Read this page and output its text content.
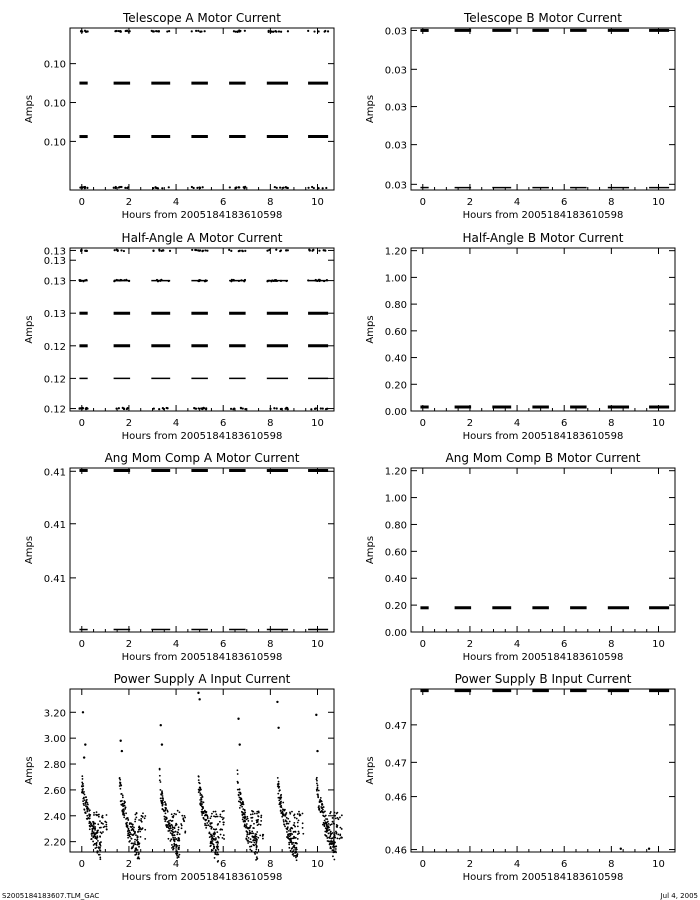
Telescope A Motor Current
Hours from 2005184183610598
Amps
0	2	4	6	8	10
0.10
0.10
0.10
Telescope B Motor Current
Hours from 2005184183610598
Amps
0	2	4	6	8	10
0.03
0.03
0.03
0.03
0.03
Half-Angle A Motor Current
Hours from 2005184183610598
Amps
0	2	4	6	8	10
0.12
0.12
0.12
0.13
0.13
0.13
0.13
Half-Angle B Motor Current
Hours from 2005184183610598
Amps
0	2	4	6	8	10
0.00
0.20
0.40
0.60
0.80
1.00
1.20
Ang Mom Comp A Motor Current
Hours from 2005184183610598
Amps
0	2	4	6	8	10
0.41
0.41
0.41
Ang Mom Comp B Motor Current
Hours from 2005184183610598
Amps
0	2	4	6	8	10
0.00
0.20
0.40
0.60
0.80
1.00
1.20
Power Supply A Input Current
Hours from 2005184183610598
Amps
0	2	4	6	8	10
2.20
2.40
2.60
2.80
3.00
3.20
Power Supply B Input Current
Hours from 2005184183610598
Amps
0	2	4	6	8	10
0.46
0.46
0.47
0.47
S2005184183607.TLM_GAC	Jul 4, 2005
